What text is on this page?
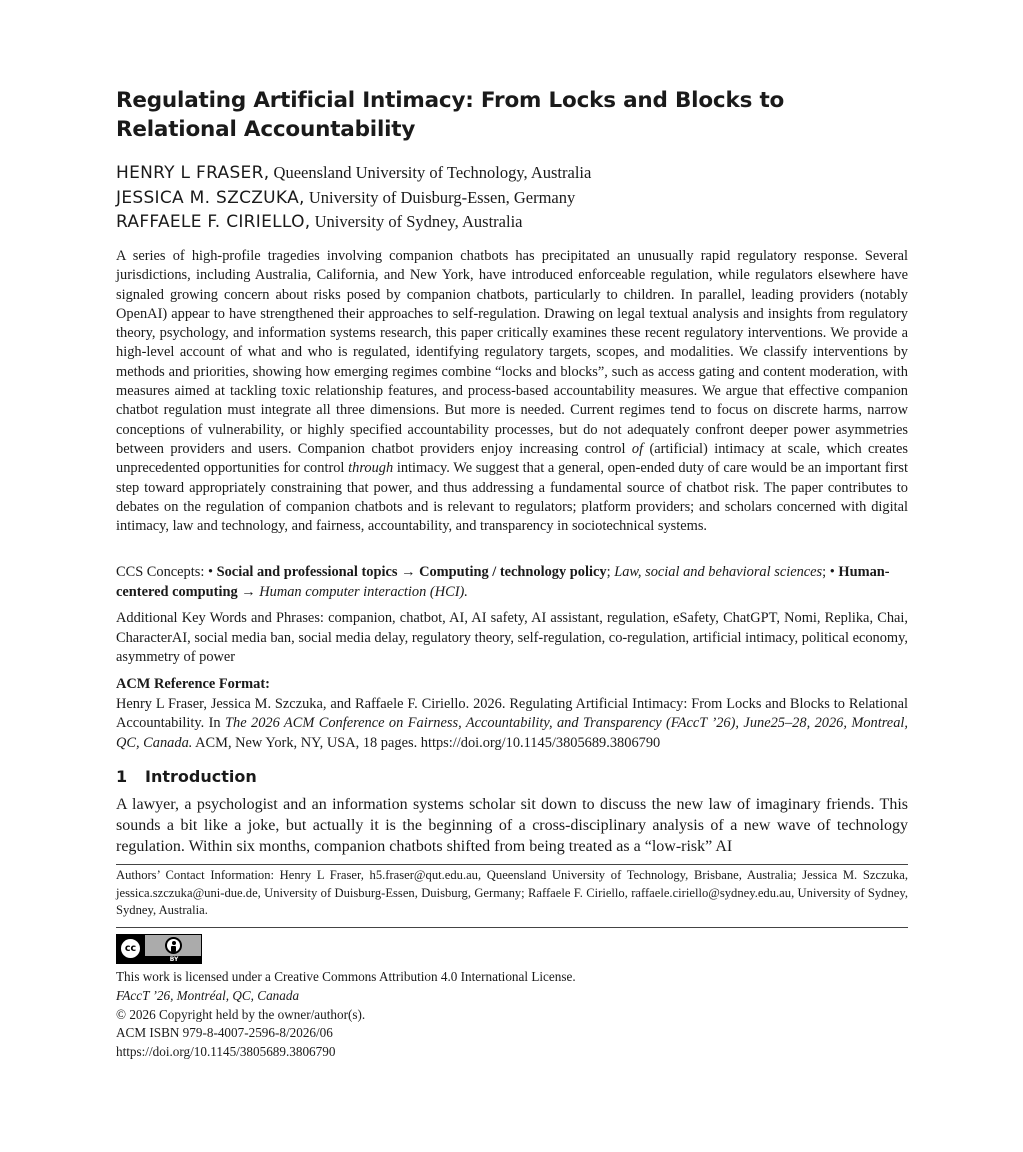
Regulating Artificial Intimacy: From Locks and Blocks to Relational Accountability
HENRY L FRASER, Queensland University of Technology, Australia
JESSICA M. SZCZUKA, University of Duisburg-Essen, Germany
RAFFAELE F. CIRIELLO, University of Sydney, Australia

A series of high-profile tragedies involving companion chatbots has precipitated an unusually rapid regulatory response. Several jurisdictions, including Australia, California, and New York, have introduced enforceable regulation, while regulators elsewhere have signaled growing concern about risks posed by companion chatbots, particularly to children. In parallel, leading providers (notably OpenAI) appear to have strengthened their approaches to self-regulation. Drawing on legal textual analysis and insights from regulatory theory, psychology, and information systems research, this paper critically examines these recent regulatory interventions. We provide a high-level account of what and who is regulated, identifying regulatory targets, scopes, and modalities. We classify interventions by methods and priorities, showing how emerging regimes combine “locks and blocks”, such as access gating and content moderation, with measures aimed at tackling toxic relationship features, and process-based accountability measures. We argue that effective companion chatbot regulation must integrate all three dimensions. But more is needed. Current regimes tend to focus on discrete harms, narrow conceptions of vulnerability, or highly specified accountability processes, but do not adequately confront deeper power asymmetries between providers and users. Companion chatbot providers enjoy increasing control of (artificial) intimacy at scale, which creates unprecedented opportunities for control through intimacy. We suggest that a general, open-ended duty of care would be an important first step toward appropriately constraining that power, and thus addressing a fundamental source of chatbot risk. The paper contributes to debates on the regulation of companion chatbots and is relevant to regulators; platform providers; and scholars concerned with digital intimacy, law and technology, and fairness, accountability, and transparency in sociotechnical systems.

CCS Concepts: • Social and professional topics → Computing / technology policy; Law, social and behavioral sciences; • Human-centered computing → Human computer interaction (HCI).

Additional Key Words and Phrases: companion, chatbot, AI, AI safety, AI assistant, regulation, eSafety, ChatGPT, Nomi, Replika, Chai, CharacterAI, social media ban, social media delay, regulatory theory, self-regulation, co-regulation, artificial intimacy, political economy, asymmetry of power

ACM Reference Format:
Henry L Fraser, Jessica M. Szczuka, and Raffaele F. Ciriello. 2026. Regulating Artificial Intimacy: From Locks and Blocks to Relational Accountability. In The 2026 ACM Conference on Fairness, Accountability, and Transparency (FAccT ’26), June25–28, 2026, Montreal, QC, Canada. ACM, New York, NY, USA, 18 pages. https://doi.org/10.1145/3805689.3806790
1 Introduction

A lawyer, a psychologist and an information systems scholar sit down to discuss the new law of imaginary friends. This sounds a bit like a joke, but actually it is the beginning of a cross-disciplinary analysis of a new wave of technology regulation. Within six months, companion chatbots shifted from being treated as a “low-risk” AI

Authors’ Contact Information: Henry L Fraser, h5.fraser@qut.edu.au, Queensland University of Technology, Brisbane, Australia; Jessica M. Szczuka, jessica.szczuka@uni-due.de, University of Duisburg-Essen, Duisburg, Germany; Raffaele F. Ciriello, raffaele.ciriello@sydney.edu.au, University of Sydney, Sydney, Australia.

cc
BY
This work is licensed under a Creative Commons Attribution 4.0 International License.
FAccT ’26, Montréal, QC, Canada
© 2026 Copyright held by the owner/author(s).
ACM ISBN 979-8-4007-2596-8/2026/06
https://doi.org/10.1145/3805689.3806790
